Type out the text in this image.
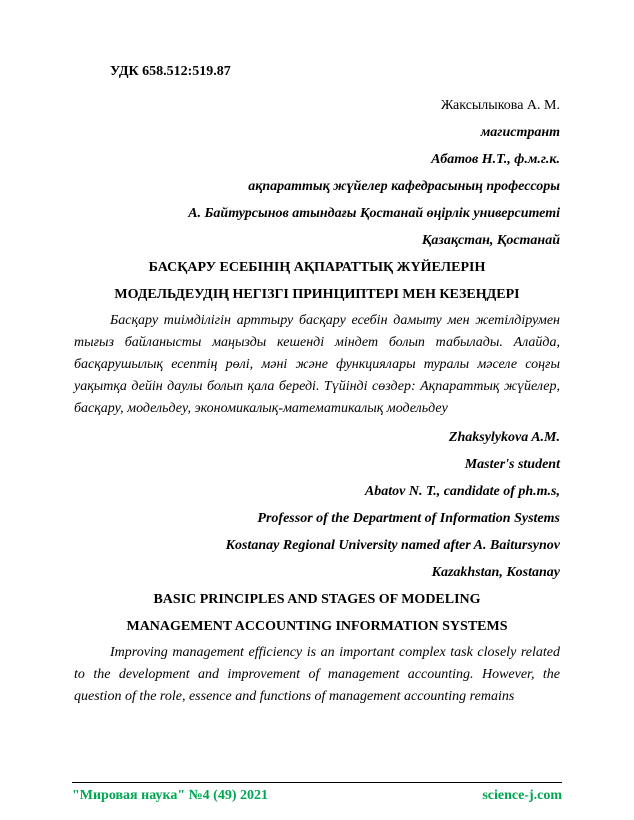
УДК 658.512:519.87
Жаксылыкова А. М.
магистрант
Абатов Н.Т., ф.м.г.к.
ақпараттық жүйелер кафедрасының профессоры
А. Байтурсынов атындағы Қостанай өңірлік университеті
Қазақстан, Қостанай
БАСҚАРУ ЕСЕБІНІҢ АҚПАРАТТЫҚ ЖҮЙЕЛЕРІН
МОДЕЛЬДЕУДІҢ НЕГІЗГІ ПРИНЦИПТЕРІ МЕН КЕЗЕҢДЕРІ

Басқару тиімділігін арттыру басқару есебін дамыту мен жетілдірумен тығыз байланысты маңызды кешенді міндет болып табылады. Алайда, басқарушылық есептің рөлі, мәні және функциялары туралы мәселе соңғы уақытқа дейін даулы болып қала береді. Түйінді сөздер: Ақпараттық жүйелер, басқару, модельдеу, экономикалық-математикалық модельдеу

Zhaksylykova A.M.
Master's student
Abatov N. T., candidate of ph.m.s,
Professor of the Department of Information Systems
Kostanay Regional University named after A. Baitursynov
Kazakhstan, Kostanay
BASIC PRINCIPLES AND STAGES OF MODELING
MANAGEMENT ACCOUNTING INFORMATION SYSTEMS

Improving management efficiency is an important complex task closely related to the development and improvement of management accounting. However, the question of the role, essence and functions of management accounting remains

"Мировая наука" №4 (49) 2021	science-j.com
